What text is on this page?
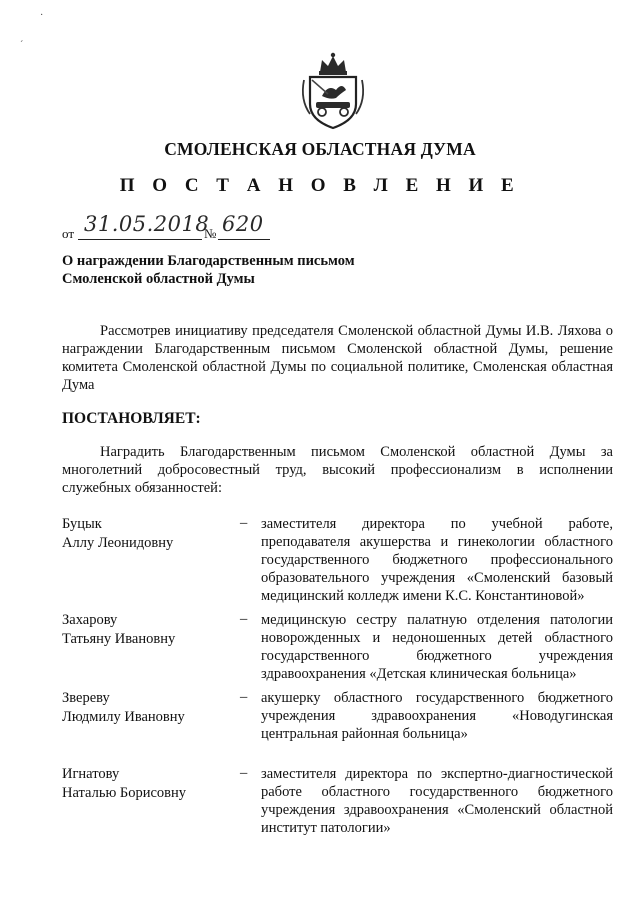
·
ˊ
СМОЛЕНСКАЯ ОБЛАСТНАЯ ДУМА
П О С Т А Н О В Л Е Н И Е
от 31.05.2018
№ 620
О награждении Благодарственным письмом
Смоленской областной Думы
Рассмотрев инициативу председателя Смоленской областной Думы И.В. Ляхова о награждении Благодарственным письмом Смоленской областной Думы, решение комитета Смоленской областной Думы по социальной политике, Смоленская областная Дума
ПОСТАНОВЛЯЕТ:
Наградить Благодарственным письмом Смоленской областной Думы за многолетний добросовестный труд, высокий профессионализм в исполнении служебных обязанностей:
Буцык
Аллу Леонидовну
– заместителя директора по учебной работе, преподавателя акушерства и гинекологии областного государственного бюджетного профессионального образовательного учреждения «Смоленский базовый медицинский колледж имени К.С. Константиновой»
Захарову
Татьяну Ивановну
– медицинскую сестру палатную отделения патологии новорожденных и недоношенных детей областного государственного бюджетного учреждения здравоохранения «Детская клиническая больница»
Звереву
Людмилу Ивановну
– акушерку областного государственного бюджетного учреждения здравоохранения «Новодугинская центральная районная больница»
Игнатову
Наталью Борисовну
– заместителя директора по экспертно-диагностической работе областного государственного бюджетного учреждения здравоохранения «Смоленский областной институт патологии»
